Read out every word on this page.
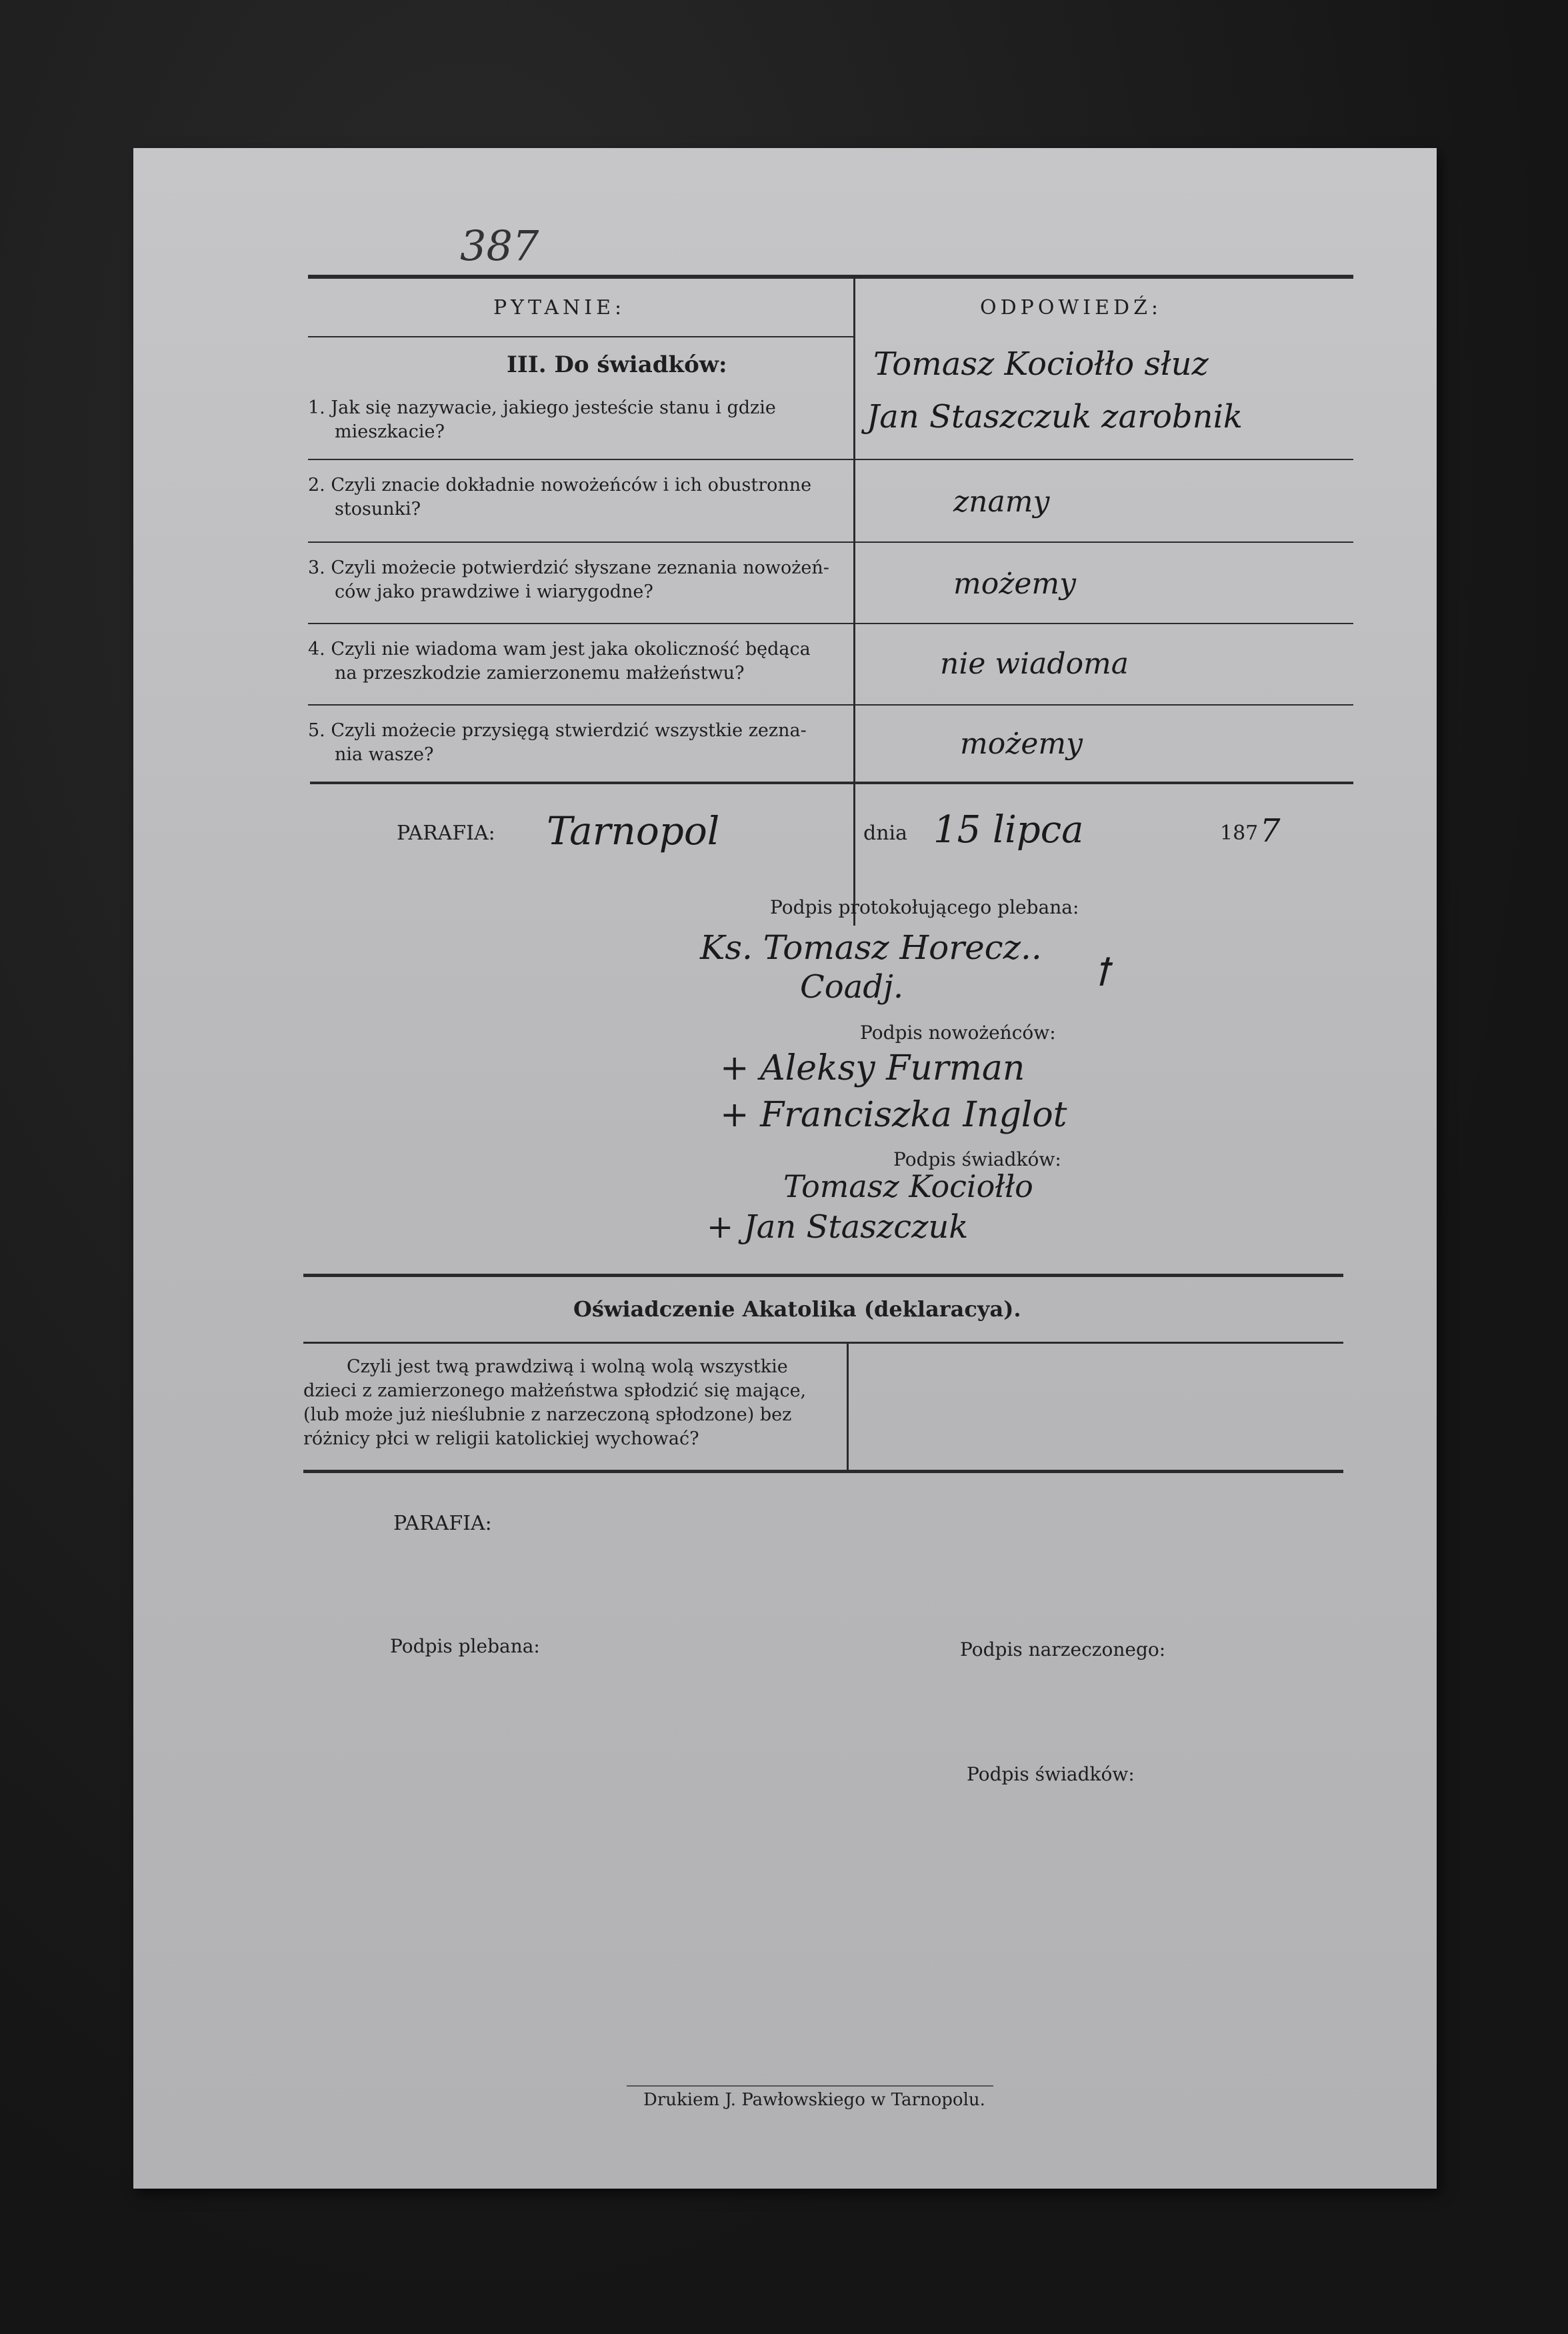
387
PYTANIE:	ODPOWIEDŹ:
III. Do świadków:
1. Jak się nazywacie, jakiego jesteście stanu i gdzie
mieszkacie?
Tomasz Kociołło słuz
Jan Staszczuk zarobnik
2. Czyli znacie dokładnie nowożeńców i ich obustronne
stosunki?	znamy
3. Czyli możecie potwierdzić słyszane zeznania nowożeń-
ców jako prawdziwe i wiarygodne?	możemy
4. Czyli nie wiadoma wam jest jaka okoliczność będąca
na przeszkodzie zamierzonemu małżeństwu?	nie wiadoma
5. Czyli możecie przysięgą stwierdzić wszystkie zezna-
nia wasze?	możemy
PARAFIA: Tarnopol	dnia 15 lipca	187 7
Podpis protokołującego plebana:
Ks. Tomasz Horecz..
Coadj.	ꝉ
Podpis nowożeńców:
+ Aleksy Furman
+ Franciszka Inglot
Podpis świadków:
Tomasz Kociołło
+ Jan Staszczuk
Oświadczenie Akatolika (deklaracya).
Czyli jest twą prawdziwą i wolną wolą wszystkie
dzieci z zamierzonego małżeństwa spłodzić się mające,
(lub może już nieślubnie z narzeczoną spłodzone) bez
różnicy płci w religii katolickiej wychować?
PARAFIA:
Podpis plebana:	Podpis narzeczonego:
Podpis świadków:
Drukiem J. Pawłowskiego w Tarnopolu.
